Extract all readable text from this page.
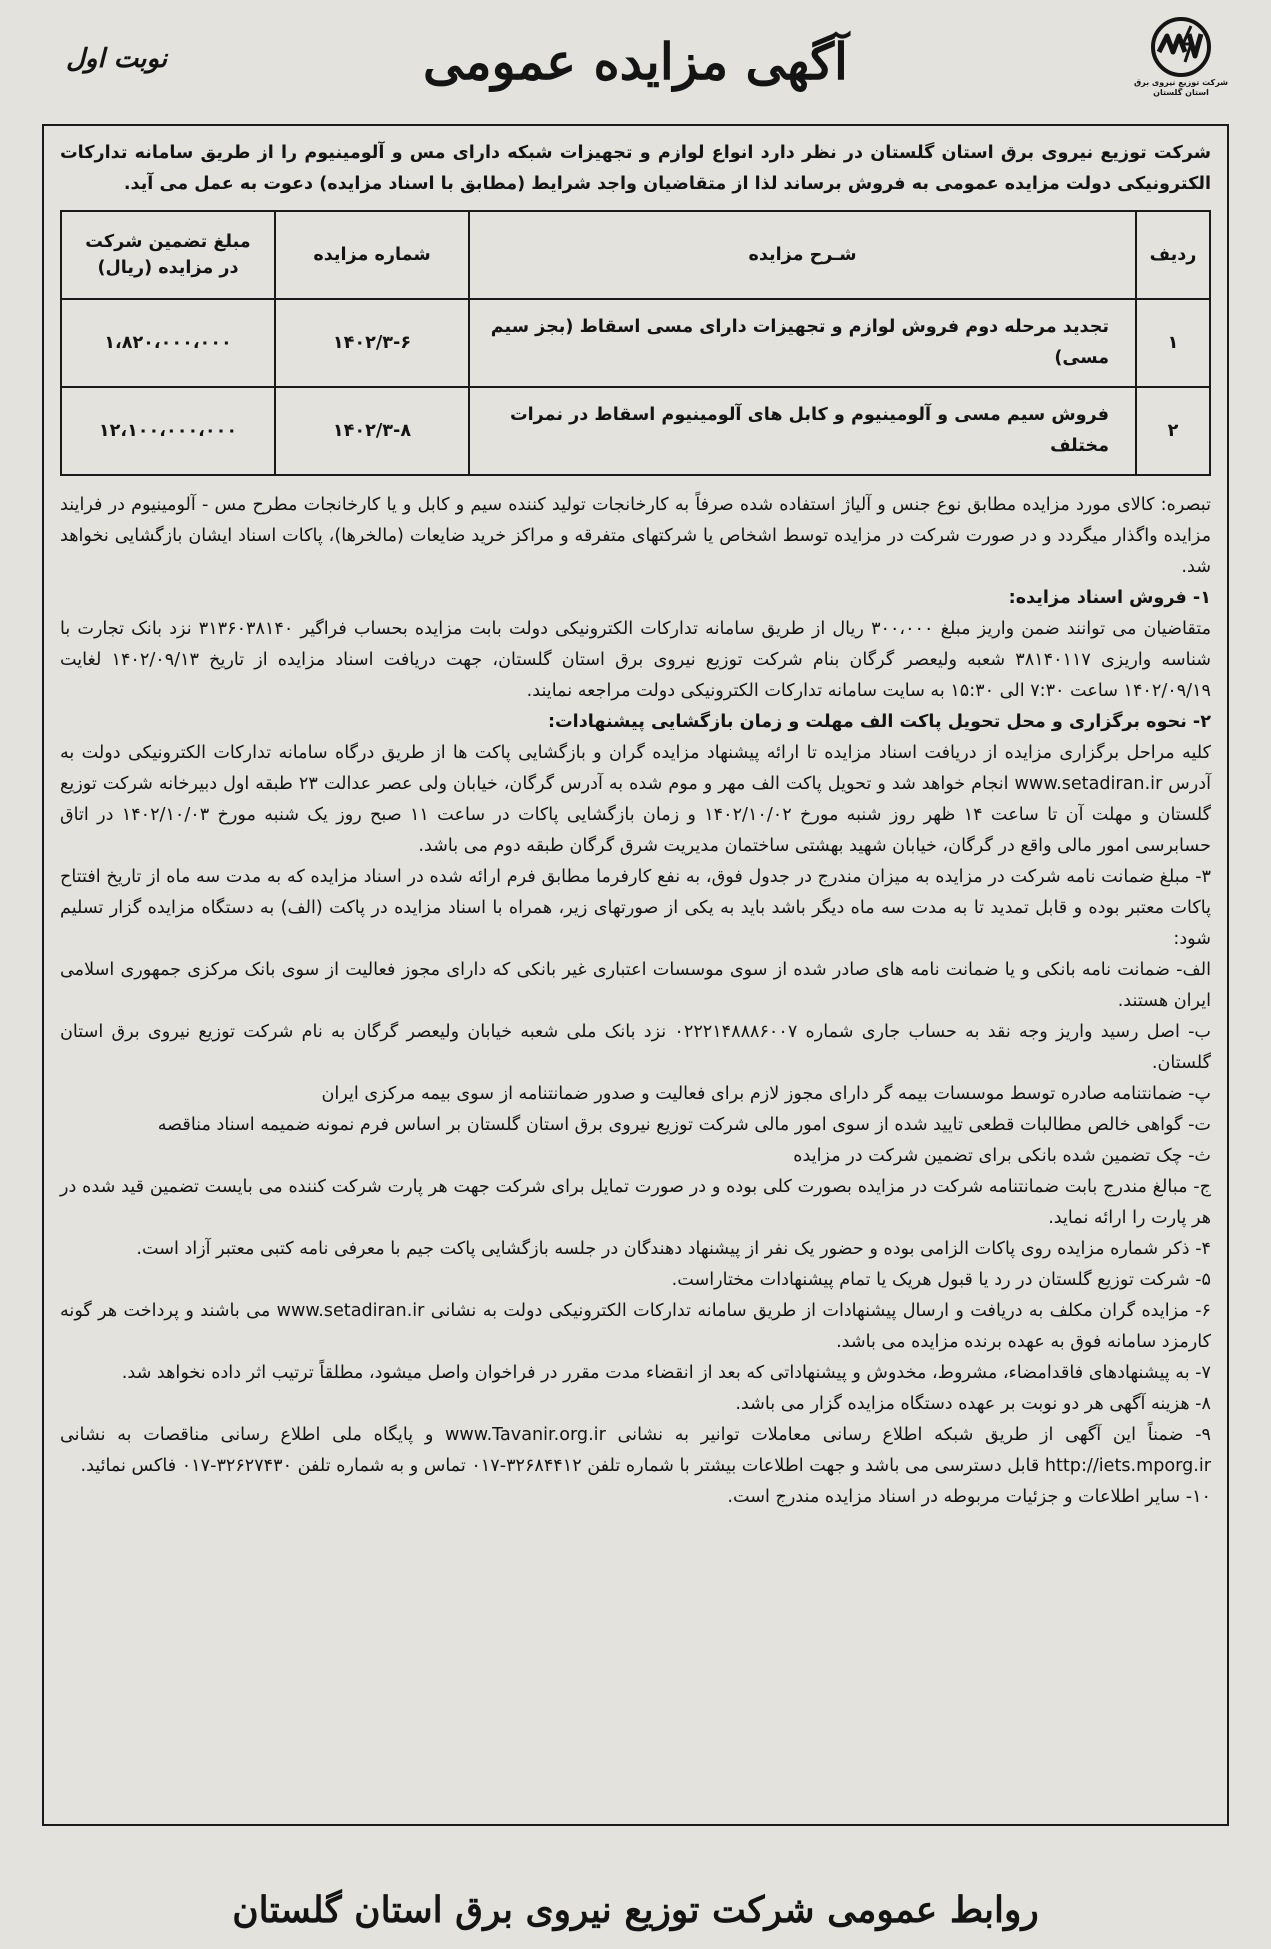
شرکت توزیع نیروی برق
استان گلستان
آگهی مزایده عمومی
نوبت اول

شرکت توزیع نیروی برق استان گلستان در نظر دارد انواع لوازم و تجهیزات شبکه دارای مس و آلومینیوم را از طریق سامانه تدارکات الکترونیکی دولت مزایده عمومی به فروش برساند لذا از متقاضیان واجد شرایط (مطابق با اسناد مزایده) دعوت به عمل می آید.

ردیف	شـرح مزایده	شماره مزایده	مبلغ تضمین شرکت
در مزایده (ریال)

۱	تجدید مرحله دوم فروش لوازم و تجهیزات دارای مسی اسقاط (بجز سیم مسی)	۱۴۰۲/۳-۶	۱،۸۲۰،۰۰۰،۰۰۰
۲	فروش سیم مسی و آلومینیوم و کابل های آلومینیوم اسقاط در نمرات مختلف	۱۴۰۲/۳-۸	۱۲،۱۰۰،۰۰۰،۰۰۰

تبصره: کالای مورد مزایده مطابق نوع جنس و آلیاژ استفاده شده صرفاً به کارخانجات تولید کننده سیم و کابل و یا کارخانجات مطرح مس - آلومینیوم در فرایند مزایده واگذار میگردد و در صورت شرکت در مزایده توسط اشخاص یا شرکتهای متفرقه و مراکز خرید ضایعات (مالخرها)، پاکات اسناد ایشان بازگشایی نخواهد شد.

۱- فروش اسناد مزایده:

متقاضیان می توانند ضمن واریز مبلغ ۳۰۰،۰۰۰ ریال از طریق سامانه تدارکات الکترونیکی دولت بابت مزایده بحساب فراگیر ۳۱۳۶۰۳۸۱۴۰ نزد بانک تجارت با شناسه واریزی ۳۸۱۴۰۱۱۷ شعبه ولیعصر گرگان بنام شرکت توزیع نیروی برق استان گلستان، جهت دریافت اسناد مزایده از تاریخ ۱۴۰۲/۰۹/۱۳ لغایت ۱۴۰۲/۰۹/۱۹ ساعت ۷:۳۰ الی ۱۵:۳۰ به سایت سامانه تدارکات الکترونیکی دولت مراجعه نمایند.

۲- نحوه برگزاری و محل تحویل پاکت الف مهلت و زمان بازگشایی پیشنهادات:

کلیه مراحل برگزاری مزایده از دریافت اسناد مزایده تا ارائه پیشنهاد مزایده گران و بازگشایی پاکت ها از طریق درگاه سامانه تدارکات الکترونیکی دولت به آدرس www.setadiran.ir انجام خواهد شد و تحویل پاکت الف مهر و موم شده به آدرس گرگان، خیابان ولی عصر عدالت ۲۳ طبقه اول دبیرخانه شرکت توزیع گلستان و مهلت آن تا ساعت ۱۴ ظهر روز شنبه مورخ ۱۴۰۲/۱۰/۰۲ و زمان بازگشایی پاکات در ساعت ۱۱ صبح روز یک شنبه مورخ ۱۴۰۲/۱۰/۰۳ در اتاق حسابرسی امور مالی واقع در گرگان، خیابان شهید بهشتی ساختمان مدیریت شرق گرگان طبقه دوم می باشد.

۳- مبلغ ضمانت نامه شرکت در مزایده به میزان مندرج در جدول فوق، به نفع کارفرما مطابق فرم ارائه شده در اسناد مزایده که به مدت سه ماه از تاریخ افتتاح پاکات معتبر بوده و قابل تمدید تا به مدت سه ماه دیگر باشد باید به یکی از صورتهای زیر، همراه با اسناد مزایده در پاکت (الف) به دستگاه مزایده گزار تسلیم شود:

الف- ضمانت نامه بانکی و یا ضمانت نامه های صادر شده از سوی موسسات اعتباری غیر بانکی که دارای مجوز فعالیت از سوی بانک مرکزی جمهوری اسلامی ایران هستند.

ب- اصل رسید واریز وجه نقد به حساب جاری شماره ۰۲۲۲۱۴۸۸۸۶۰۰۷ نزد بانک ملی شعبه خیابان ولیعصر گرگان به نام شرکت توزیع نیروی برق استان گلستان.

پ- ضمانتنامه صادره توسط موسسات بیمه گر دارای مجوز لازم برای فعالیت و صدور ضمانتنامه از سوی بیمه مرکزی ایران

ت- گواهی خالص مطالبات قطعی تایید شده از سوی امور مالی شرکت توزیع نیروی برق استان گلستان بر اساس فرم نمونه ضمیمه اسناد مناقصه

ث- چک تضمین شده بانکی برای تضمین شرکت در مزایده

ج- مبالغ مندرج بابت ضمانتنامه شرکت در مزایده بصورت کلی بوده و در صورت تمایل برای شرکت جهت هر پارت شرکت کننده می بایست تضمین قید شده در هر پارت را ارائه نماید.

۴- ذکر شماره مزایده روی پاکات الزامی بوده و حضور یک نفر از پیشنهاد دهندگان در جلسه بازگشایی پاکت جیم با معرفی نامه کتبی معتبر آزاد است.

۵- شرکت توزیع گلستان در رد یا قبول هریک یا تمام پیشنهادات مختاراست.

۶- مزایده گران مکلف به دریافت و ارسال پیشنهادات از طریق سامانه تدارکات الکترونیکی دولت به نشانی www.setadiran.ir می باشند و پرداخت هر گونه کارمزد سامانه فوق به عهده برنده مزایده می باشد.

۷- به پیشنهادهای فاقدامضاء، مشروط، مخدوش و پیشنهاداتی که بعد از انقضاء مدت مقرر در فراخوان واصل میشود، مطلقاً ترتیب اثر داده نخواهد شد.

۸- هزینه آگهی هر دو نوبت بر عهده دستگاه مزایده گزار می باشد.

۹- ضمناً این آگهی از طریق شبکه اطلاع رسانی معاملات توانیر به نشانی www.Tavanir.org.ir و پایگاه ملی اطلاع رسانی مناقصات به نشانی http://iets.mporg.ir قابل دسترسی می باشد و جهت اطلاعات بیشتر با شماره تلفن ۳۲۶۸۴۴۱۲-۰۱۷ تماس و به شماره تلفن ۳۲۶۲۷۴۳۰-۰۱۷ فاکس نمائید.

۱۰- سایر اطلاعات و جزئیات مربوطه در اسناد مزایده مندرج است.

روابط عمومی شرکت توزیع نیروی برق استان گلستان
